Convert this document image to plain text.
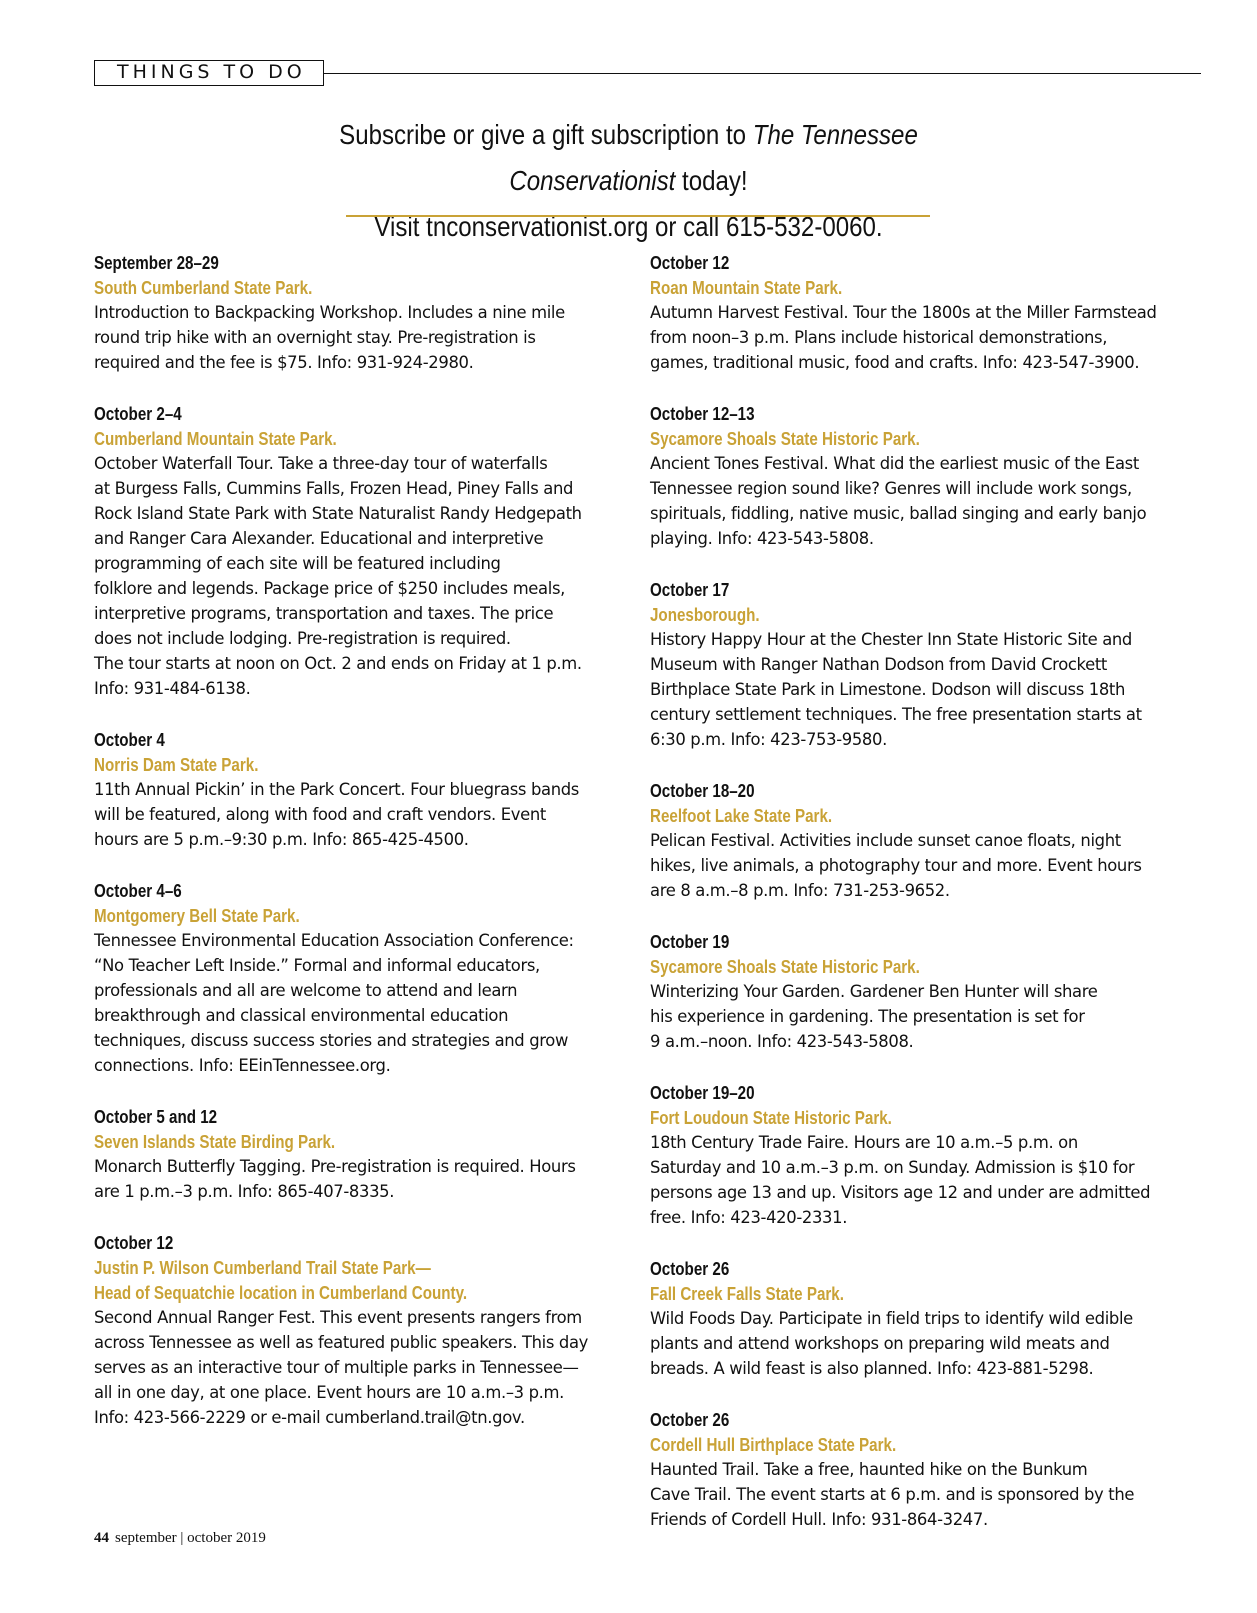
THINGS TO DO
Subscribe or give a gift subscription to The Tennessee Conservationist today!
Visit tnconservationist.org or call 615-532-0060.
September 28–29
South Cumberland State Park.
Introduction to Backpacking Workshop. Includes a nine mile
round trip hike with an overnight stay. Pre-registration is
required and the fee is $75. Info: 931-924-2980.
October 2–4
Cumberland Mountain State Park.
October Waterfall Tour. Take a three-day tour of waterfalls
at Burgess Falls, Cummins Falls, Frozen Head, Piney Falls and
Rock Island State Park with State Naturalist Randy Hedgepath
and Ranger Cara Alexander. Educational and interpretive
programming of each site will be featured including
folklore and legends. Package price of $250 includes meals,
interpretive programs, transportation and taxes. The price
does not include lodging. Pre-registration is required.
The tour starts at noon on Oct. 2 and ends on Friday at 1 p.m.
Info: 931-484-6138.
October 4
Norris Dam State Park.
11th Annual Pickin’ in the Park Concert. Four bluegrass bands
will be featured, along with food and craft vendors. Event
hours are 5 p.m.–9:30 p.m. Info: 865-425-4500.
October 4–6
Montgomery Bell State Park.
Tennessee Environmental Education Association Conference:
“No Teacher Left Inside.” Formal and informal educators,
professionals and all are welcome to attend and learn
breakthrough and classical environmental education
techniques, discuss success stories and strategies and grow
connections. Info: EEinTennessee.org.
October 5 and 12
Seven Islands State Birding Park.
Monarch Butterfly Tagging. Pre-registration is required. Hours
are 1 p.m.–3 p.m. Info: 865-407-8335.
October 12
Justin P. Wilson Cumberland Trail State Park—
Head of Sequatchie location in Cumberland County.
Second Annual Ranger Fest. This event presents rangers from
across Tennessee as well as featured public speakers. This day
serves as an interactive tour of multiple parks in Tennessee—
all in one day, at one place. Event hours are 10 a.m.–3 p.m.
Info: 423-566-2229 or e-mail cumberland.trail@tn.gov.
October 12
Roan Mountain State Park.
Autumn Harvest Festival. Tour the 1800s at the Miller Farmstead
from noon–3 p.m. Plans include historical demonstrations,
games, traditional music, food and crafts. Info: 423-547-3900.
October 12–13
Sycamore Shoals State Historic Park.
Ancient Tones Festival. What did the earliest music of the East
Tennessee region sound like? Genres will include work songs,
spirituals, fiddling, native music, ballad singing and early banjo
playing. Info: 423-543-5808.
October 17
Jonesborough.
History Happy Hour at the Chester Inn State Historic Site and
Museum with Ranger Nathan Dodson from David Crockett
Birthplace State Park in Limestone. Dodson will discuss 18th
century settlement techniques. The free presentation starts at
6:30 p.m. Info: 423-753-9580.
October 18–20
Reelfoot Lake State Park.
Pelican Festival. Activities include sunset canoe floats, night
hikes, live animals, a photography tour and more. Event hours
are 8 a.m.–8 p.m. Info: 731-253-9652.
October 19
Sycamore Shoals State Historic Park.
Winterizing Your Garden. Gardener Ben Hunter will share
his experience in gardening. The presentation is set for
9 a.m.–noon. Info: 423-543-5808.
October 19–20
Fort Loudoun State Historic Park.
18th Century Trade Faire. Hours are 10 a.m.–5 p.m. on
Saturday and 10 a.m.–3 p.m. on Sunday. Admission is $10 for
persons age 13 and up. Visitors age 12 and under are admitted
free. Info: 423-420-2331.
October 26
Fall Creek Falls State Park.
Wild Foods Day. Participate in field trips to identify wild edible
plants and attend workshops on preparing wild meats and
breads. A wild feast is also planned. Info: 423-881-5298.
October 26
Cordell Hull Birthplace State Park.
Haunted Trail. Take a free, haunted hike on the Bunkum
Cave Trail. The event starts at 6 p.m. and is sponsored by the
Friends of Cordell Hull. Info: 931-864-3247.
44 september | october 2019
